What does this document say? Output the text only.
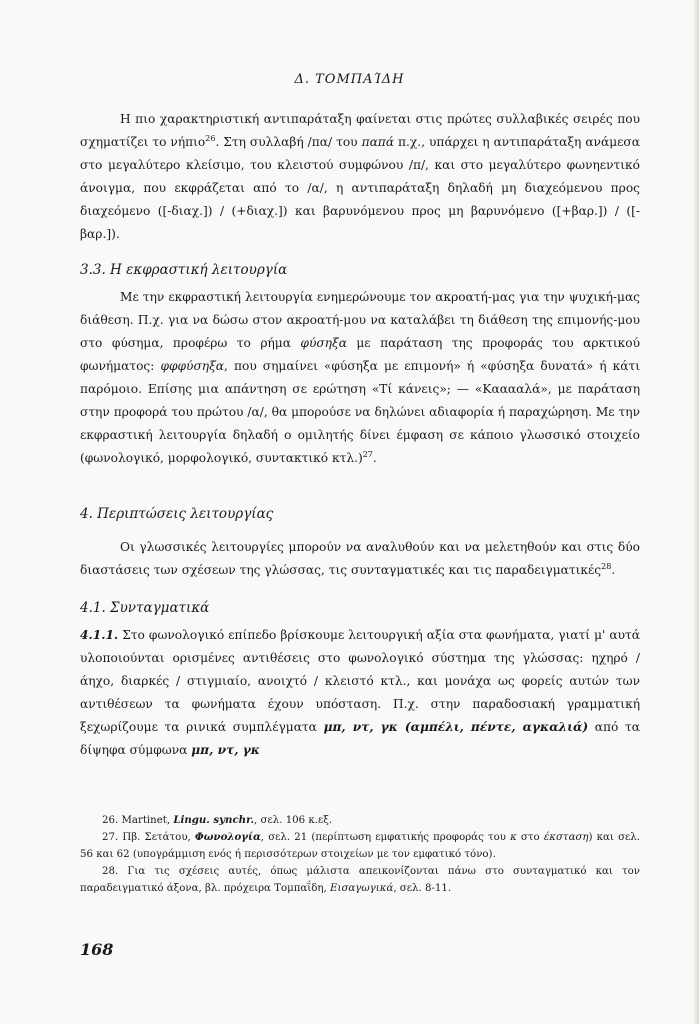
Δ. ΤΟΜΠΑΊΔΗ

Η πιο χαρακτηριστική αντιπαράταξη φαίνεται στις πρώτες συλλαβικές σειρές που σχηματίζει το νήπιο$^{26}$. Στη συλλαβή /πα/ του παπά π.χ., υπάρχει η αντιπαράταξη ανάμεσα στο μεγαλύτερο κλείσιμο, του κλειστού συμφώνου /π/, και στο μεγαλύτερο φωνηεντικό άνοιγμα, που εκφράζεται από το /α/, η αντιπαράταξη δηλαδή μη διαχεόμενου προς διαχεόμενο ([-διαχ.]) / (+διαχ.]) και βαρυνόμενου προς μη βαρυνόμενο ([+βαρ.]) / ([-βαρ.]).

3.3. Η εκφραστική λειτουργία

Με την εκφραστική λειτουργία ενημερώνουμε τον ακροατή-μας για την ψυχική-μας διάθεση. Π.χ. για να δώσω στον ακροατή-μου να καταλάβει τη διάθεση της επιμονής-μου στο φύσημα, προφέρω το ρήμα φύσηξα με παράταση της προφοράς του αρκτικού φωνήματος: φφφύσηξα, που σημαίνει «φύσηξα με επιμονή» ή «φύσηξα δυνατά» ή κάτι παρόμοιο. Επίσης μια απάντηση σε ερώτηση «Τί κάνεις»; — «Κααααλά», με παράταση στην προφορά του πρώτου /α/, θα μπορούσε να δηλώνει αδιαφορία ή παραχώρηση. Με την εκφραστική λειτουργία δηλαδή ο ομιλητής δίνει έμφαση σε κάποιο γλωσσικό στοιχείο (φωνολογικό, μορφολογικό, συντακτικό κτλ.)$^{27}$.

4. Περιπτώσεις λειτουργίας

Οι γλωσσικές λειτουργίες μπορούν να αναλυθούν και να μελετηθούν και στις δύο διαστάσεις των σχέσεων της γλώσσας, τις συνταγματικές και τις παραδειγματικές$^{28}$.

4.1. Συνταγματικά

4.1.1. Στο φωνολογικό επίπεδο βρίσκουμε λειτουργική αξία στα φωνήματα, γιατί μ' αυτά υλοποιούνται ορισμένες αντιθέσεις στο φωνολογικό σύστημα της γλώσσας: ηχηρό / άηχο, διαρκές / στιγμιαίο, ανοιχτό / κλειστό κτλ., και μονάχα ως φορείς αυτών των αντιθέσεων τα φωνήματα έχουν υπόσταση. Π.χ. στην παραδοσιακή γραμματική ξεχωρίζουμε τα ρινικά συμπλέγματα μπ, ντ, γκ (αμπέλι, πέντε, αγκαλιά) από τα δίψηφα σύμφωνα μπ, ντ, γκ

26. Martinet, Lingu. synchr., σελ. 106 κ.εξ.

27. Πβ. Σετάτου, Φωνολογία, σελ. 21 (περίπτωση εμφατικής προφοράς του κ στο έκσταση) και σελ. 56 και 62 (υπογράμμιση ενός ή περισσότερων στοιχείων με τον εμφατικό τόνο).

28. Για τις σχέσεις αυτές, όπως μάλιστα απεικονίζονται πάνω στο συνταγματικό και τον παραδειγματικό άξονα, βλ. πρόχειρα Τομπαΐδη, Εισαγωγικά, σελ. 8-11.

168
